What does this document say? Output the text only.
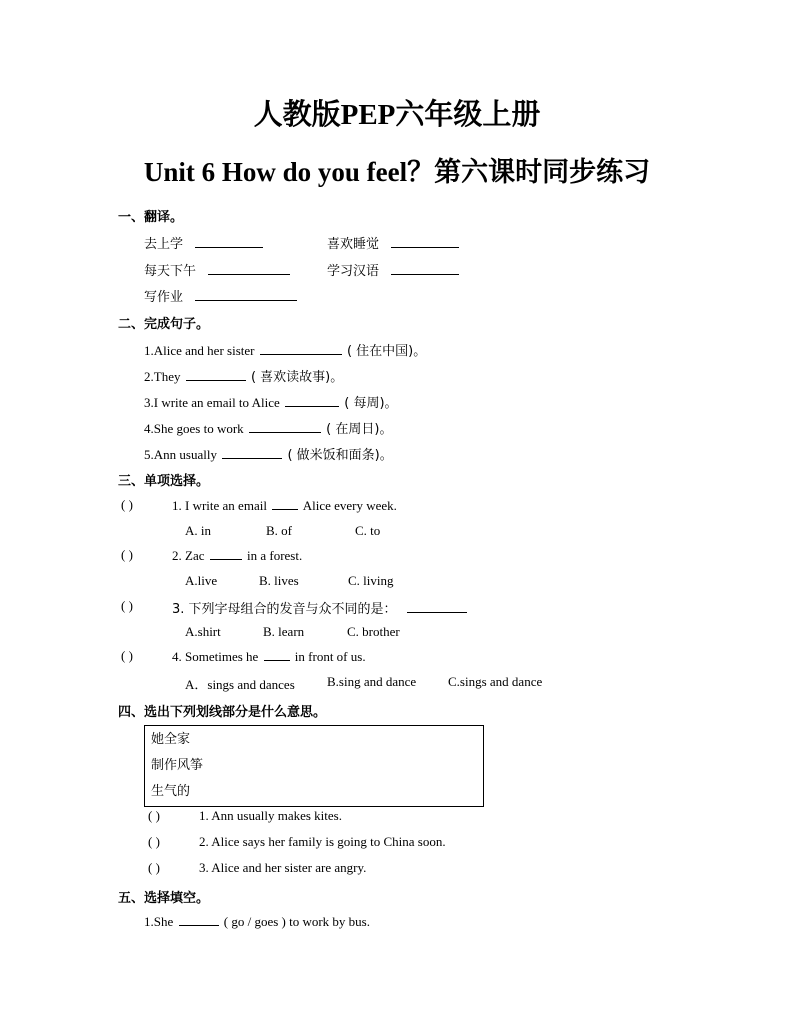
人教版PEP六年级上册
Unit 6 How do you feel？第六课时同步练习
一、翻译。
去上学	喜欢睡觉
每天下午	学习汉语
写作业
二、完成句子。
1.Alice and her sister	( 住在中国)。
2.They	( 喜欢读故事)。
3.I write an email to Alice	( 每周)。
4.She goes to work	( 在周日)。
5.Ann usually	( 做米饭和面条)。
三、单项选择。
( )	1. I write an email	Alice every week.
A. in	B. of	C. to
( )	2. Zac	in a forest.
A.live	B. lives	C. living
( )	3. 下列字母组合的发音与众不同的是：
A.shirt	B. learn	C. brother
( )	4. Sometimes he	in front of us.
A．sings and dances B.sing and dance C.sings and dance
四、选出下列划线部分是什么意思。
她全家
制作风筝
生气的
( )	1. Ann usually makes kites.
( )	2. Alice says her family is going to China soon.
( )	3. Alice and her sister are angry.
五、选择填空。
1.She	( go / goes ) to work by bus.
